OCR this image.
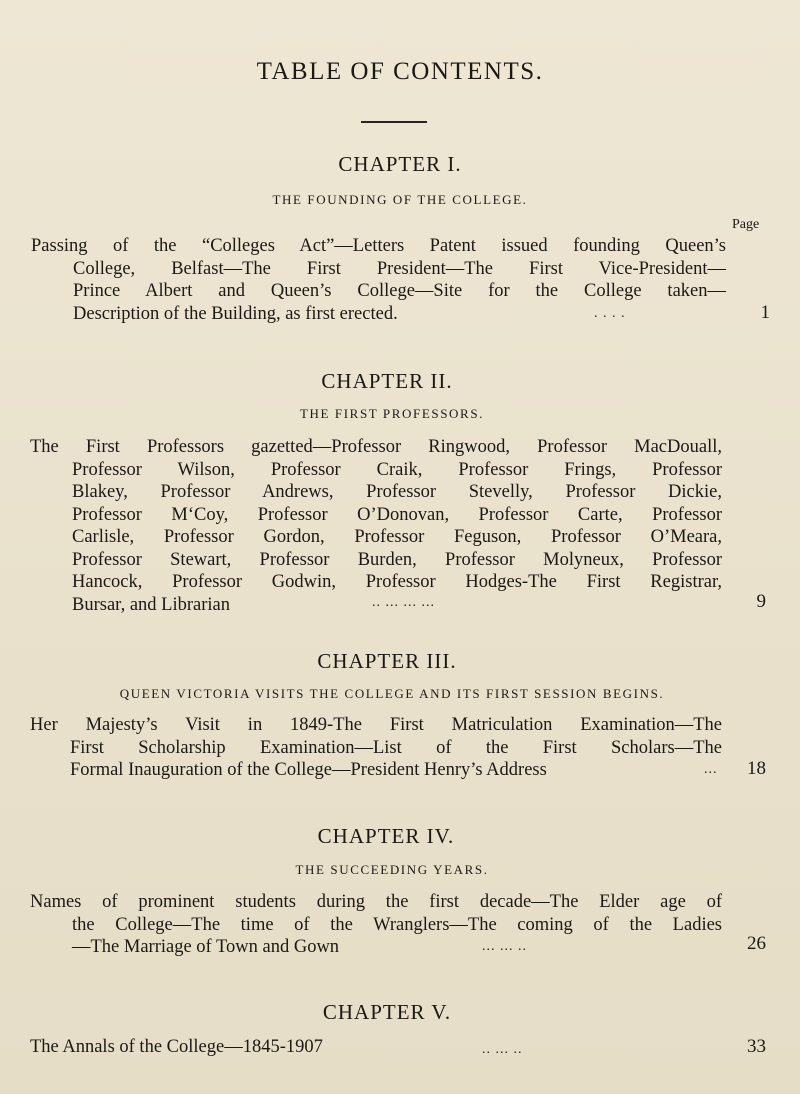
TABLE OF CONTENTS.
CHAPTER I.
THE FOUNDING OF THE COLLEGE.
Page
Passing of the “Colleges Act”—Letters Patent issued founding Queen’s
College, Belfast—The First President—The First Vice-President—
Prince Albert and Queen’s College—Site for the College taken—
Description of the Building, as first erected.	. . . .	1
CHAPTER II.
THE FIRST PROFESSORS.
The First Professors gazetted—Professor Ringwood, Professor MacDouall,
Professor Wilson, Professor Craik, Professor Frings, Professor
Blakey, Professor Andrews, Professor Stevelly, Professor Dickie,
Professor M‘Coy, Professor O’Donovan, Professor Carte, Professor
Carlisle, Professor Gordon, Professor Feguson, Professor O’Meara,
Professor Stewart, Professor Burden, Professor Molyneux, Professor
Hancock, Professor Godwin, Professor Hodges-The First Registrar,
Bursar, and Librarian	.. ... ... ...	9
CHAPTER III.
QUEEN VICTORIA VISITS THE COLLEGE AND ITS FIRST SESSION BEGINS.
Her Majesty’s Visit in 1849-The First Matriculation Examination—The
First Scholarship Examination—List of the First Scholars—The
Formal Inauguration of the College—President Henry’s Address	...	18
CHAPTER IV.
THE SUCCEEDING YEARS.
Names of prominent students during the first decade—The Elder age of
the College—The time of the Wranglers—The coming of the Ladies
—The Marriage of Town and Gown	... ... ..	26
CHAPTER V.
The Annals of the College—1845-1907	.. ... ..	33
